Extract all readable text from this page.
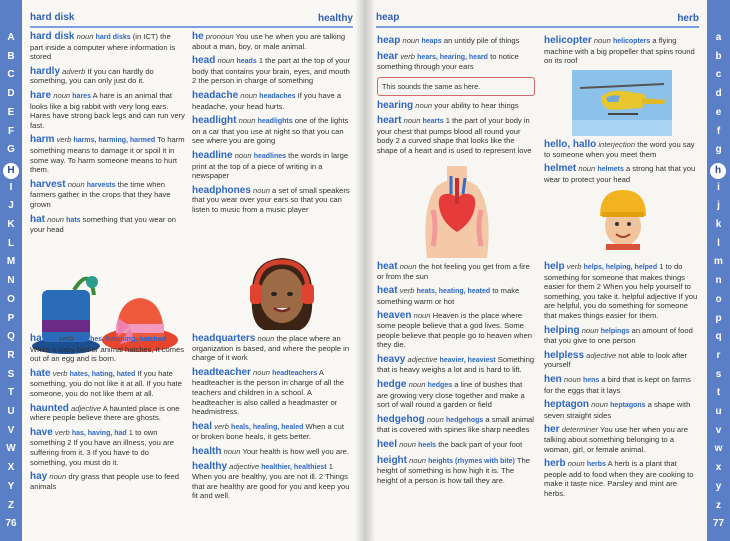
A
B
C
D
E
F
G
H
I
J
K
L
M
N
O
P
Q
R
S
T
U
V
W
X
Y
Z
76
a
b
c
d
e
f
g
h
i
j
k
l
m
n
o
p
q
r
s
t
u
v
w
x
y
z
77
hard disk	healthy heap	herb
hard disk noun hard disks (in ICT) the part inside a computer where information is stored
hardly adverb If you can hardly do something, you can only just do it.
hare noun hares A hare is an animal that looks like a big rabbit with very long ears. Hares have strong back legs and can run very fast.
harm verb harms, harming, harmed To harm something means to damage it or spoil it in some way. To harm someone means to hurt them.
harvest noun harvests the time when farmers gather in the crops that they have grown
hat noun hats something that you wear on your head
hatch verb hatches, hatching, hatched When a baby bird or animal hatches, it comes out of an egg and is born.
hate verb hates, hating, hated If you hate something, you do not like it at all. If you hate someone, you do not like them at all.
haunted adjective A haunted place is one where people believe there are ghosts.
have verb has, having, had 1 to own something 2 If you have an illness, you are suffering from it. 3 If you have to do something, you must do it.
hay noun dry grass that people use to feed animals
he pronoun You use he when you are talking about a man, boy, or male animal.
head noun heads 1 the part at the top of your body that contains your brain, eyes, and mouth 2 the person in charge of something
headache noun headaches If you have a headache, your head hurts.
headlight noun headlights one of the lights on a car that you use at night so that you can see where you are going
headline noun headlines the words in large print at the top of a piece of writing in a newspaper
headphones noun a set of small speakers that you wear over your ears so that you can listen to music from a music player
headquarters noun the place where an organization is based, and where the people in charge of it work
headteacher noun headteachers A headteacher is the person in charge of all the teachers and children in a school. A headteacher is also called a headmaster or headmistress.
heal verb heals, healing, healed When a cut or broken bone heals, it gets better.
health noun Your health is how well you are.
healthy adjective healthier, healthiest 1 When you are healthy, you are not ill. 2 Things that are healthy are good for you and keep you fit and well.
heap noun heaps an untidy pile of things
hear verb hears, hearing, heard to notice something through your ears
This sounds the same as here.
hearing noun your ability to hear things
heart noun hearts 1 the part of your body in your chest that pumps blood all round your body 2 a curved shape that looks like the shape of a heart and is used to represent love
heat noun the hot feeling you get from a fire or from the sun
heat verb heats, heating, heated to make something warm or hot
heaven noun Heaven is the place where some people believe that a god lives. Some people believe that people go to heaven when they die.
heavy adjective heavier, heaviest Something that is heavy weighs a lot and is hard to lift.
hedge noun hedges a line of bushes that are growing very close together and make a sort of wall round a garden or field
hedgehog noun hedgehogs a small animal that is covered with spines like sharp needles
heel noun heels the back part of your foot
height noun heights (rhymes with bite) The height of something is how high it is. The height of a person is how tall they are.
helicopter noun helicopters a flying machine with a big propeller that spins round on its roof
hello, hallo interjection the word you say to someone when you meet them
helmet noun helmets a strong hat that you wear to protect your head
help verb helps, helping, helped 1 to do something for someone that makes things easier for them 2 When you help yourself to something, you take it. helpful adjective If you are helpful, you do something for someone that makes things easier for them.
helping noun helpings an amount of food that you give to one person
helpless adjective not able to look after yourself
hen noun hens a bird that is kept on farms for the eggs that it lays
heptagon noun heptagons a shape with seven straight sides
her determiner You use her when you are talking about something belonging to a woman, girl, or female animal.
herb noun herbs A herb is a plant that people add to food when they are cooking to make it taste nice. Parsley and mint are herbs.
